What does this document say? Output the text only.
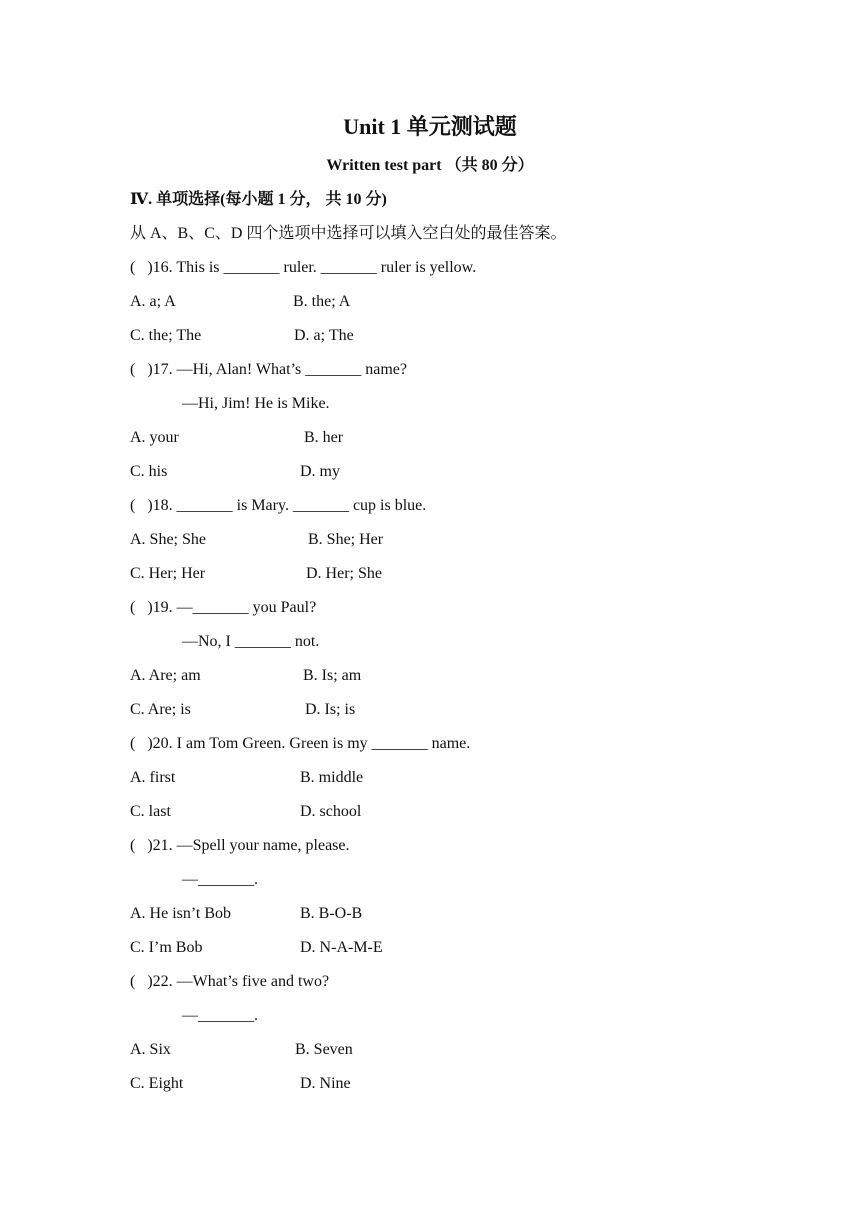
Unit 1 单元测试题
Written test part （共 80 分）
Ⅳ. 单项选择(每小题 1 分， 共 10 分)
从 A、B、C、D 四个选项中选择可以填入空白处的最佳答案。
(   )16. This is _______ ruler. _______ ruler is yellow.
A. a; A	B. the; A
C. the; The	D. a; The
(   )17. —Hi, Alan! What’s _______ name?
—Hi, Jim! He is Mike.
A. your	B. her
C. his	D. my
(   )18. _______ is Mary. _______ cup is blue.
A. She; She	B. She; Her
C. Her; Her	D. Her; She
(   )19. —_______ you Paul?
—No, I _______ not.
A. Are; am	B. Is; am
C. Are; is	D. Is; is
(   )20. I am Tom Green. Green is my _______ name.
A. first	B. middle
C. last	D. school
(   )21. —Spell your name, please.
—_______.
A. He isn’t Bob	B. B-O-B
C. I’m Bob	D. N-A-M-E
(   )22. —What’s five and two?
—_______.
A. Six	B. Seven
C. Eight	D. Nine
